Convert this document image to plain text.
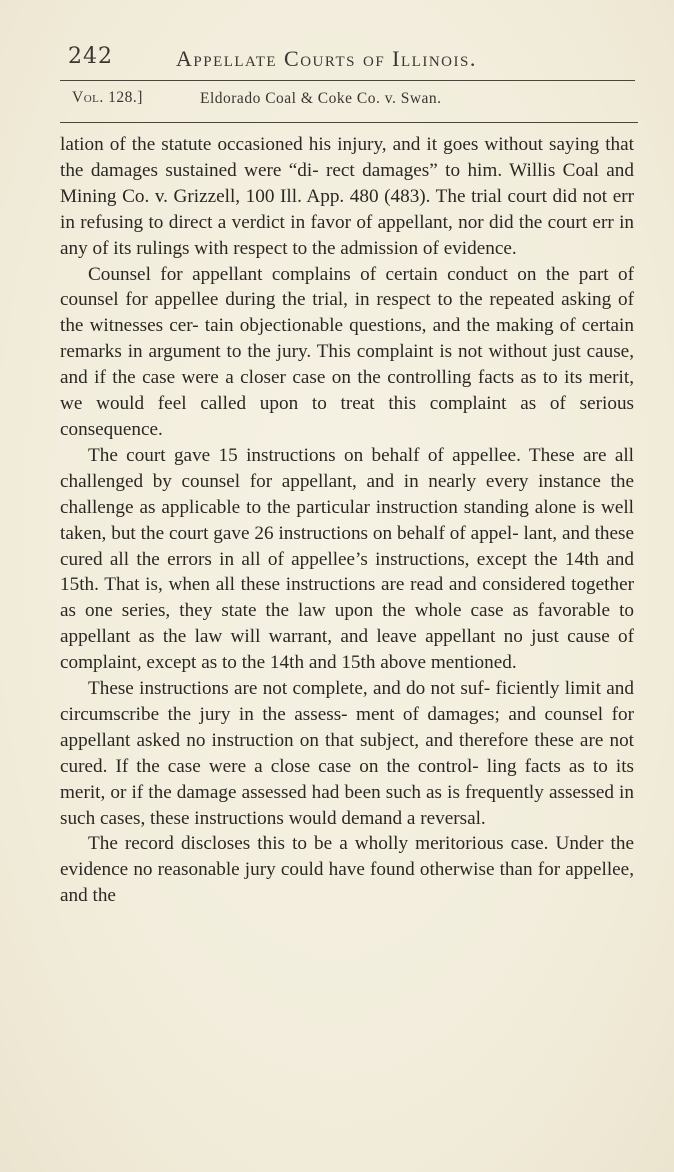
242	Appellate Courts of Illinois.
Vol. 128.]	Eldorado Coal & Coke Co. v. Swan.

lation of the statute occasioned his injury, and it goes without saying that the damages sustained were “di- rect damages” to him. Willis Coal and Mining Co. v. Grizzell, 100 Ill. App. 480 (483). The trial court did not err in refusing to direct a verdict in favor of appellant, nor did the court err in any of its rulings with respect to the admission of evidence.

Counsel for appellant complains of certain conduct on the part of counsel for appellee during the trial, in respect to the repeated asking of the witnesses cer- tain objectionable questions, and the making of certain remarks in argument to the jury. This complaint is not without just cause, and if the case were a closer case on the controlling facts as to its merit, we would feel called upon to treat this complaint as of serious consequence.

The court gave 15 instructions on behalf of appellee. These are all challenged by counsel for appellant, and in nearly every instance the challenge as applicable to the particular instruction standing alone is well taken, but the court gave 26 instructions on behalf of appel- lant, and these cured all the errors in all of appellee’s instructions, except the 14th and 15th. That is, when all these instructions are read and considered together as one series, they state the law upon the whole case as favorable to appellant as the law will warrant, and leave appellant no just cause of complaint, except as to the 14th and 15th above mentioned.

These instructions are not complete, and do not suf- ficiently limit and circumscribe the jury in the assess- ment of damages; and counsel for appellant asked no instruction on that subject, and therefore these are not cured. If the case were a close case on the control- ling facts as to its merit, or if the damage assessed had been such as is frequently assessed in such cases, these instructions would demand a reversal.

The record discloses this to be a wholly meritorious case. Under the evidence no reasonable jury could have found otherwise than for appellee, and the
